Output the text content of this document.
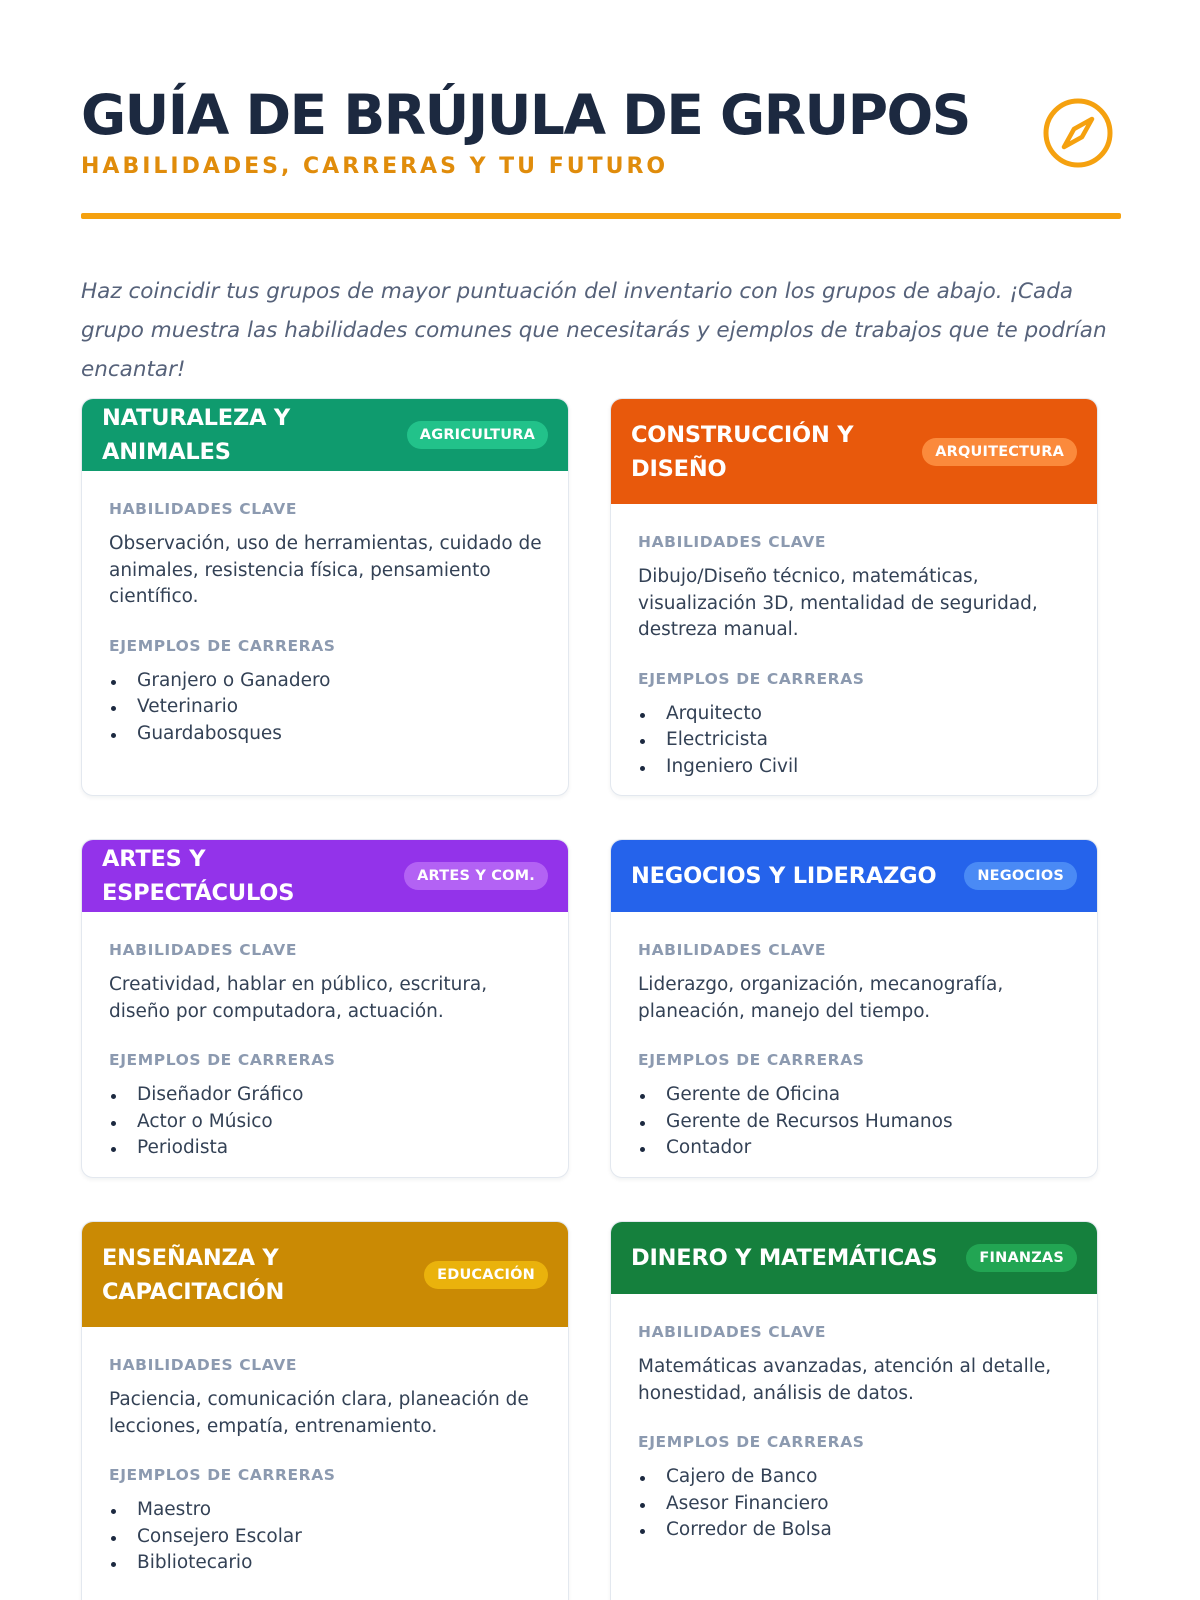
GUÍA DE BRÚJULA DE GRUPOS
HABILIDADES, CARRERAS Y TU FUTURO

Haz coincidir tus grupos de mayor puntuación del inventario con los grupos de abajo. ¡Cada grupo muestra las habilidades comunes que necesitarás y ejemplos de trabajos que te podrían encantar!

NATURALEZA Y ANIMALES
AGRICULTURA
HABILIDADES CLAVE
Observación, uso de herramientas, cuidado de animales, resistencia física, pensamiento científico.
EJEMPLOS DE CARRERAS
Granjero o Ganadero
Veterinario
Guardabosques
CONSTRUCCIÓN Y DISEÑO
ARQUITECTURA
HABILIDADES CLAVE
Dibujo/Diseño técnico, matemáticas, visualización 3D, mentalidad de seguridad, destreza manual.
EJEMPLOS DE CARRERAS
Arquitecto
Electricista
Ingeniero Civil
ARTES Y ESPECTÁCULOS
ARTES Y COM.
HABILIDADES CLAVE
Creatividad, hablar en público, escritura, diseño por computadora, actuación.
EJEMPLOS DE CARRERAS
Diseñador Gráfico
Actor o Músico
Periodista
NEGOCIOS Y LIDERAZGO	NEGOCIOS
HABILIDADES CLAVE
Liderazgo, organización, mecanografía, planeación, manejo del tiempo.
EJEMPLOS DE CARRERAS
Gerente de Oficina
Gerente de Recursos Humanos
Contador
ENSEÑANZA Y CAPACITACIÓN
EDUCACIÓN
HABILIDADES CLAVE
Paciencia, comunicación clara, planeación de lecciones, empatía, entrenamiento.
EJEMPLOS DE CARRERAS
Maestro
Consejero Escolar
Bibliotecario
DINERO Y MATEMÁTICAS	FINANZAS
HABILIDADES CLAVE
Matemáticas avanzadas, atención al detalle, honestidad, análisis de datos.
EJEMPLOS DE CARRERAS
Cajero de Banco
Asesor Financiero
Corredor de Bolsa
